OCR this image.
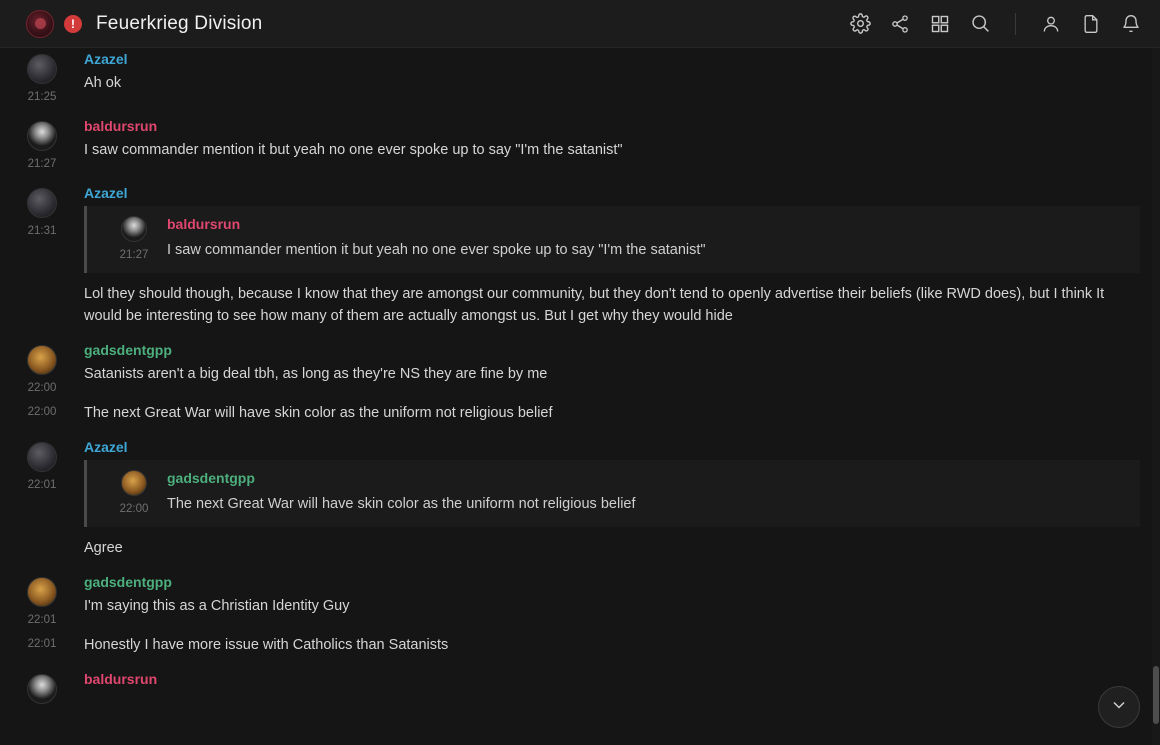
!	Feuerkrieg Division
21:25
Azazel
Ah ok
21:27
baldursrun
I saw commander mention it but yeah no one ever spoke up to say "I'm the satanist"
21:31
Azazel
21:27
baldursrun
I saw commander mention it but yeah no one ever spoke up to say "I'm the satanist"
Lol they should though, because I know that they are amongst our community, but they don't tend to openly advertise their beliefs (like RWD does), but I think It would be interesting to see how many of them are actually amongst us. But I get why they would hide
22:00
gadsdentgpp
Satanists aren't a big deal tbh, as long as they're NS they are fine by me
22:00 The next Great War will have skin color as the uniform not religious belief
22:01
Azazel
22:00
gadsdentgpp
The next Great War will have skin color as the uniform not religious belief
Agree
22:01
gadsdentgpp
I'm saying this as a Christian Identity Guy
22:01 Honestly I have more issue with Catholics than Satanists
baldursrun
